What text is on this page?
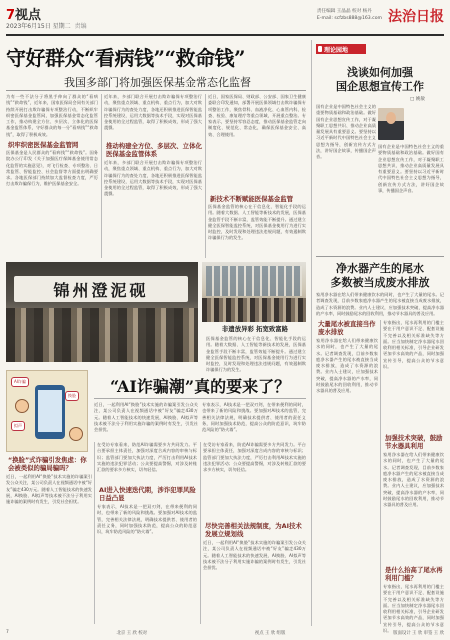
7视点
2023年6月15日 星期二 责编
责任编辑 王晶晶 校对 杨丹
E-mail: scfzbs888@163.com 法治日报
守好群众“看病钱”“救命钱”
我国多部门将加强医保基金常态化监督
为有一些不法分子将黑手伸向了群众的“看病钱”“救命钱”，近年来，国家医保局会同有关部门持续开展打击欺诈骗保专项整治行动，不断织牢织密医保基金监管网，加强医保基金常态化监管工作，推动构建全方位、多层次、立体化的医保基金监管体系，守好群众的每一分“看病钱”“救命钱”，取得了积极成效。
织牢织密医保基金监管网
医保基金是人民群众的“看病钱”“救命钱”。国务院办公厅印发《关于加强医疗保障基金使用常态化监管的实施意见》，对飞行检查、专项整治、日常监管、智能监控、社会监督等方面提出明确要求。各地医保部门持续加大监督检查力度，严厉打击欺诈骗保行为，维护医保基金安全。
近年来，多部门联合开展打击欺诈骗保专项整治行动，聚焦重点领域、重点机构、重点行为，加大对欺诈骗保行为的查处力度，各地还积极推进医保智能监控系统建设，运用大数据等技术手段，实现对医保基金使用的全过程监管，取得了积极成效，形成了强大震慑。
推动构建全方位、多层次、立体化医保基金监管体系
近年来，多部门联合开展打击欺诈骗保专项整治行动，聚焦重点领域、重点机构、重点行为，加大对欺诈骗保行为的查处力度，各地还积极推进医保智能监控系统建设，运用大数据等技术手段，实现对医保基金使用的全过程监管，取得了积极成效，形成了强大震慑。
近日，国家医保局、财政部、公安部、国家卫生健康委联合印发通知，部署开展医保领域打击欺诈骗保专项整治工作，聚焦骨科、血液净化、心血管内科、检查、检验、康复理疗等重点领域，开展重点整治。专家表示，要坚持零容忍态度，推动医保基金监管走向制度化、规范化、常态化，确保医保基金安全、高效、合理使用。
新技术不断赋能医保基金监管
医保基金监管的核心在于信息化、智能化手段的运用。随着大数据、人工智能等新技术的发展，医保基金监管手段不断丰富，监管效能不断提升。通过建立健全医保智能监控系统，对医保基金使用行为进行实时监控，及时发现和处理违法违规问题，有效遏制欺诈骗保行为的发生。
锦州澄泥砚
非遗放异彩 拓宽致富路
医保基金监管的核心在于信息化、智能化手段的运用。随着大数据、人工智能等新技术的发展，医保基金监管手段不断丰富，监管效能不断提升。通过建立健全医保智能监控系统，对医保基金使用行为进行实时监控，及时发现和处理违法违规问题，有效遏制欺诈骗保行为的发生。
AI诈骗
换脸
拟声
“AI诈骗潮”真的要来了？
近日，一起利用AI“换脸”技术实施的诈骗案引发公众关注，某公司负责人在视频通话中被“好友”骗走430万元。随着人工智能技术的快速发展，AI换脸、AI拟声等技术被不法分子利用实施诈骗的案例时有发生，引发社会担忧。
专家表示，AI技术是一把双刃剑，在带来便利的同时，也带来了新的风险和挑战。要加强对AI技术的监管，完善相关法律法规，明确技术提供者、使用者的责任义务，同时加强技术防范，提高公众的防范意识，筑牢防范风险的“防火墙”。
“换脸”式诈骗引发焦虑：你会被类似的骗局骗吗？
近日，一起利用AI“换脸”技术实施的诈骗案引发公众关注，某公司负责人在视频通话中被“好友”骗走430万元。随着人工智能技术的快速发展，AI换脸、AI拟声等技术被不法分子利用实施诈骗的案例时有发生，引发社会担忧。
在受访专家看来，防范AI诈骗需要多方共同发力。平台要承担主体责任，加强对深度合成内容的审核与标识；监管部门要加大执法力度，严厉打击利用AI技术实施的违法犯罪活动；公众要提高警惕，对涉及转账汇款的要求多方核实，切勿轻信。
AI进入快速迭代期，涉诈犯罪风险日益凸显
专家表示，AI技术是一把双刃剑，在带来便利的同时，也带来了新的风险和挑战。要加强对AI技术的监管，完善相关法律法规，明确技术提供者、使用者的责任义务，同时加强技术防范，提高公众的防范意识，筑牢防范风险的“防火墙”。
在受访专家看来，防范AI诈骗需要多方共同发力。平台要承担主体责任，加强对深度合成内容的审核与标识；监管部门要加大执法力度，严厉打击利用AI技术实施的违法犯罪活动；公众要提高警惕，对涉及转账汇款的要求多方核实，切勿轻信。
尽快完善相关法规制度，为AI技术发展立规划线
近日，一起利用AI“换脸”技术实施的诈骗案引发公众关注，某公司负责人在视频通话中被“好友”骗走430万元。随着人工智能技术的快速发展，AI换脸、AI拟声等技术被不法分子利用实施诈骗的案例时有发生，引发社会担忧。
理论园地
浅谈如何加强
国企思想宣传工作
□ 姚敏
国有企业是中国特色社会主义的重要物质基础和政治基础。做好国有企业思想宣传工作，对于凝聚职工思想共识、推动企业高质量发展具有重要意义。要坚持以习近平新时代中国特色社会主义思想为指导，创新宣传方式方法，讲好国企故事，传播国企声音。
国有企业是中国特色社会主义的重要物质基础和政治基础。做好国有企业思想宣传工作，对于凝聚职工思想共识、推动企业高质量发展具有重要意义。要坚持以习近平新时代中国特色社会主义思想为指导，创新宣传方式方法，讲好国企故事，传播国企声音。
净水器产生的尾水
多数被当成废水排放
家用净水器在给人们带来健康饮水的同时，也产生了大量的尾水。记者调查发现，目前多数家庭净水器产生的尾水被直接当成废水排放，造成了水资源的浪费。业内人士建议，应加强技术突破，提高净水器的产水率，同时鼓励尾水的回收利用，推动节水器具的普及应用。
大量尾水被直接当作废水排放
家用净水器在给人们带来健康饮水的同时，也产生了大量的尾水。记者调查发现，目前多数家庭净水器产生的尾水被直接当成废水排放，造成了水资源的浪费。业内人士建议，应加强技术突破，提高净水器的产水率，同时鼓励尾水的回收利用，推动节水器具的普及应用。
专家指出，尾水再利用的门槛主要在于用户意识不足、配套设施不完善以及相关标准缺失等方面。应当加快制定净水器尾水回收利用相关标准，引导企业研发更加节水高效的产品，同时加强宣传引导，提高公众的节水意识。
加强技术突破，鼓励节水器具利用
家用净水器在给人们带来健康饮水的同时，也产生了大量的尾水。记者调查发现，目前多数家庭净水器产生的尾水被直接当成废水排放，造成了水资源的浪费。业内人士建议，应加强技术突破，提高净水器的产水率，同时鼓励尾水的回收利用，推动节水器具的普及应用。
是什么抬高了尾水再利用门槛？
专家指出，尾水再利用的门槛主要在于用户意识不足、配套设施不完善以及相关标准缺失等方面。应当加快制定净水器尾水回收利用相关标准，引导企业研发更加节水高效的产品，同时加强宣传引导，提高公众的节水意识。
7	北京 王 欣 校对	视点 王 欣 组版	版面设计 王 欣 审签 王 欣
